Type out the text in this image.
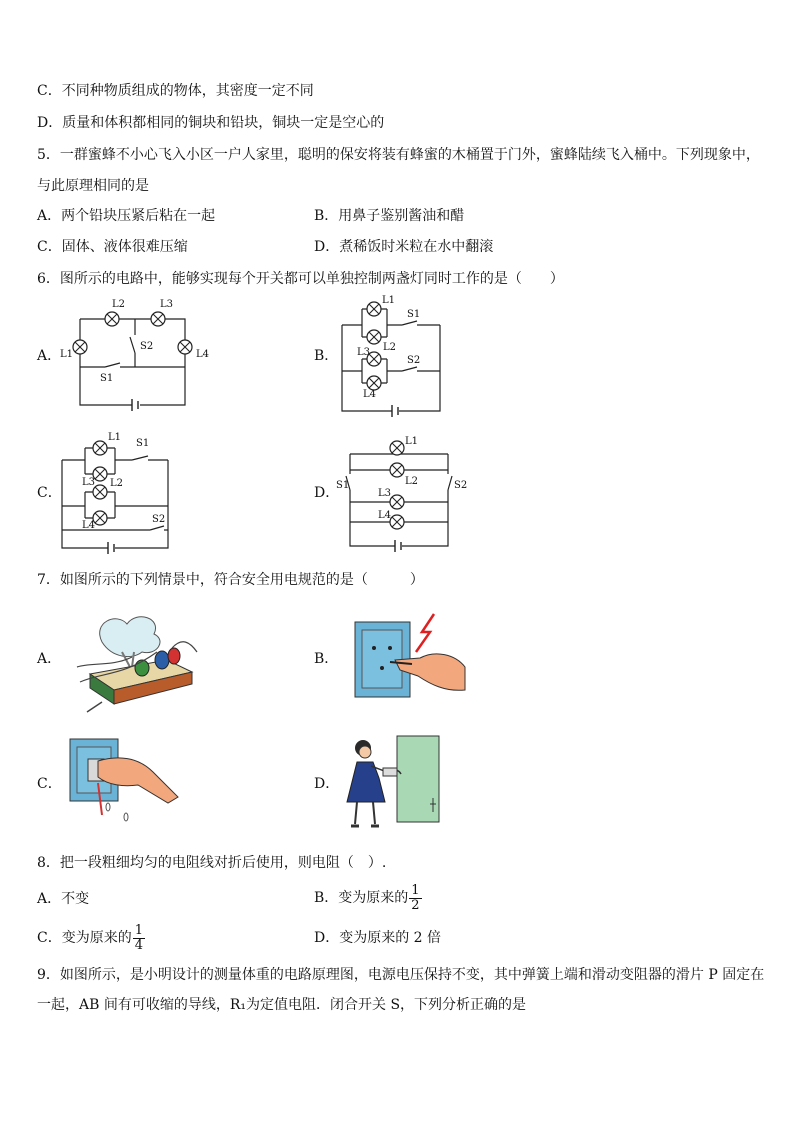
C．不同种物质组成的物体，其密度一定不同
D．质量和体积都相同的铜块和铅块，铜块一定是空心的
5．一群蜜蜂不小心飞入小区一户人家里，聪明的保安将装有蜂蜜的木桶置于门外，蜜蜂陆续飞入桶中。下列现象中，
与此原理相同的是
A．两个铅块压紧后粘在一起	B．用鼻子鉴别酱油和醋
C．固体、液体很难压缩	D．煮稀饭时米粒在水中翻滚
6．图所示的电路中，能够实现每个开关都可以单独控制两盏灯同时工作的是（　　）
A．
L2	L3
L1	L4
S2
S1
B．
L1
L2
L3
L4
S1
S2
C．
L1
L2
L3
L4
S1
S2
D．
L1
L2
L3
L4
S1	S2
7．如图所示的下列情景中，符合安全用电规范的是（　　　）
A．	B．
C．	D．
8．把一段粗细均匀的电阻线对折后使用，则电阻（　）.
A．不变	B．变为原来的 $\frac{1}{2}$
C．变为原来的 $\frac{1}{4}$	D．变为原来的 2 倍
9．如图所示，是小明设计的测量体重的电路原理图，电源电压保持不变，其中弹簧上端和滑动变阻器的滑片 P 固定在
一起，AB 间有可收缩的导线，R₁为定值电阻．闭合开关 S，下列分析正确的是
